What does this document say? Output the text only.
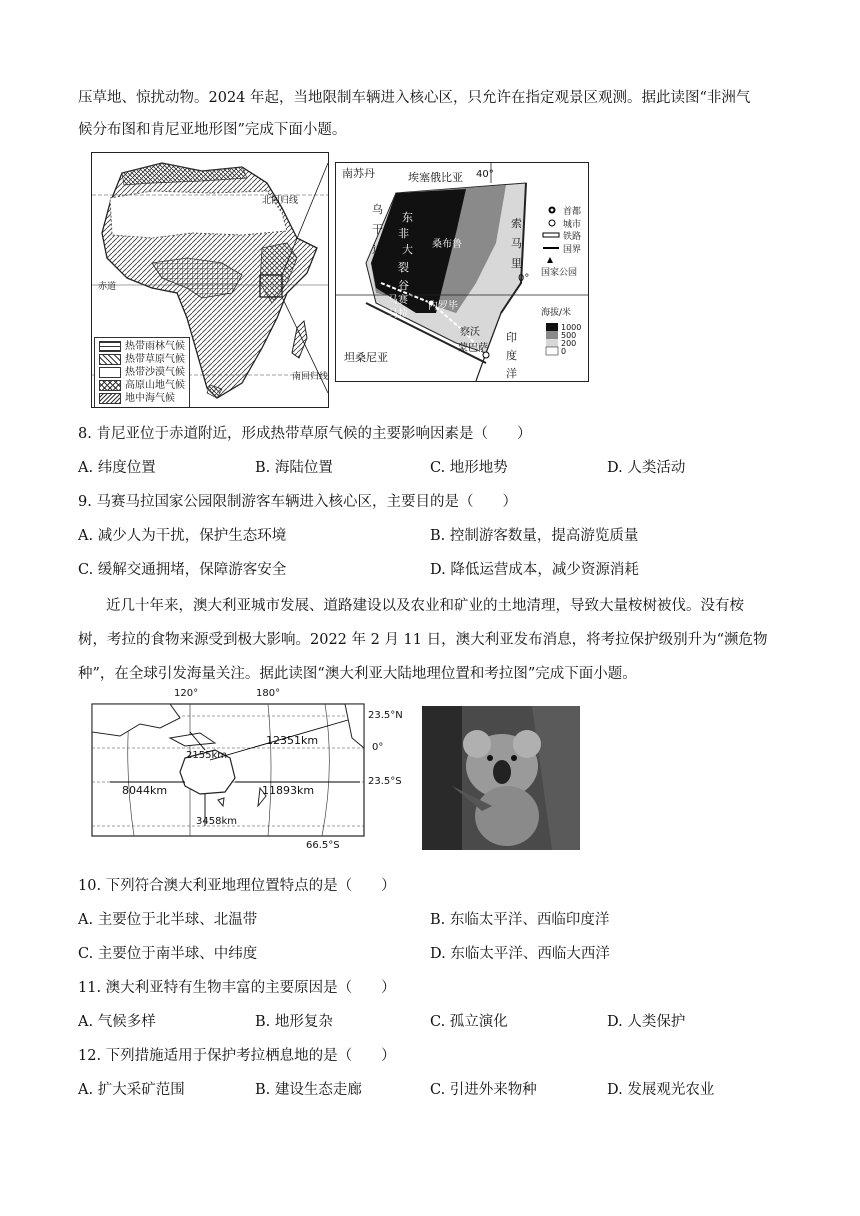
压草地、惊扰动物。2024 年起，当地限制车辆进入核心区，只允许在指定观景区观测。据此读图“非洲气
候分布图和肯尼亚地形图”完成下面小题。
北回归线
赤道
南回归线
热带雨林气候
热带草原气候
热带沙漠气候
高原山地气候
地中海气候
南苏丹	埃塞俄比亚 40°
乌
干
达
索
马
里
0°
东
非
大
裂
谷
桑布鲁
马赛
马拉
内罗毕
察沃
蒙巴萨
坦桑尼亚
印
度
洋
首都
城市
铁路
国界
国家公园
海拔/米
1000
500
200
0
8. 肯尼亚位于赤道附近，形成热带草原气候的主要影响因素是（　　）
A. 纬度位置	B. 海陆位置	C. 地形地势	D. 人类活动
9. 马赛马拉国家公园限制游客车辆进入核心区，主要目的是（　　）
A. 减少人为干扰，保护生态环境	B. 控制游客数量，提高游览质量
C. 缓解交通拥堵，保障游客安全	D. 降低运营成本，减少资源消耗
近几十年来，澳大利亚城市发展、道路建设以及农业和矿业的土地清理，导致大量桉树被伐。没有桉
树，考拉的食物来源受到极大影响。2022 年 2 月 11 日，澳大利亚发布消息，将考拉保护级别升为“濒危物
种”，在全球引发海量关注。据此读图“澳大利亚大陆地理位置和考拉图”完成下面小题。
120°	180°
23.5°N
0°
23.5°S
66.5°S
2155km
12351km
8044km	11893km
3458km
10. 下列符合澳大利亚地理位置特点的是（　　）
A. 主要位于北半球、北温带	B. 东临太平洋、西临印度洋
C. 主要位于南半球、中纬度	D. 东临太平洋、西临大西洋
11. 澳大利亚特有生物丰富的主要原因是（　　）
A. 气候多样	B. 地形复杂	C. 孤立演化	D. 人类保护
12. 下列措施适用于保护考拉栖息地的是（　　）
A. 扩大采矿范围	B. 建设生态走廊	C. 引进外来物种	D. 发展观光农业
